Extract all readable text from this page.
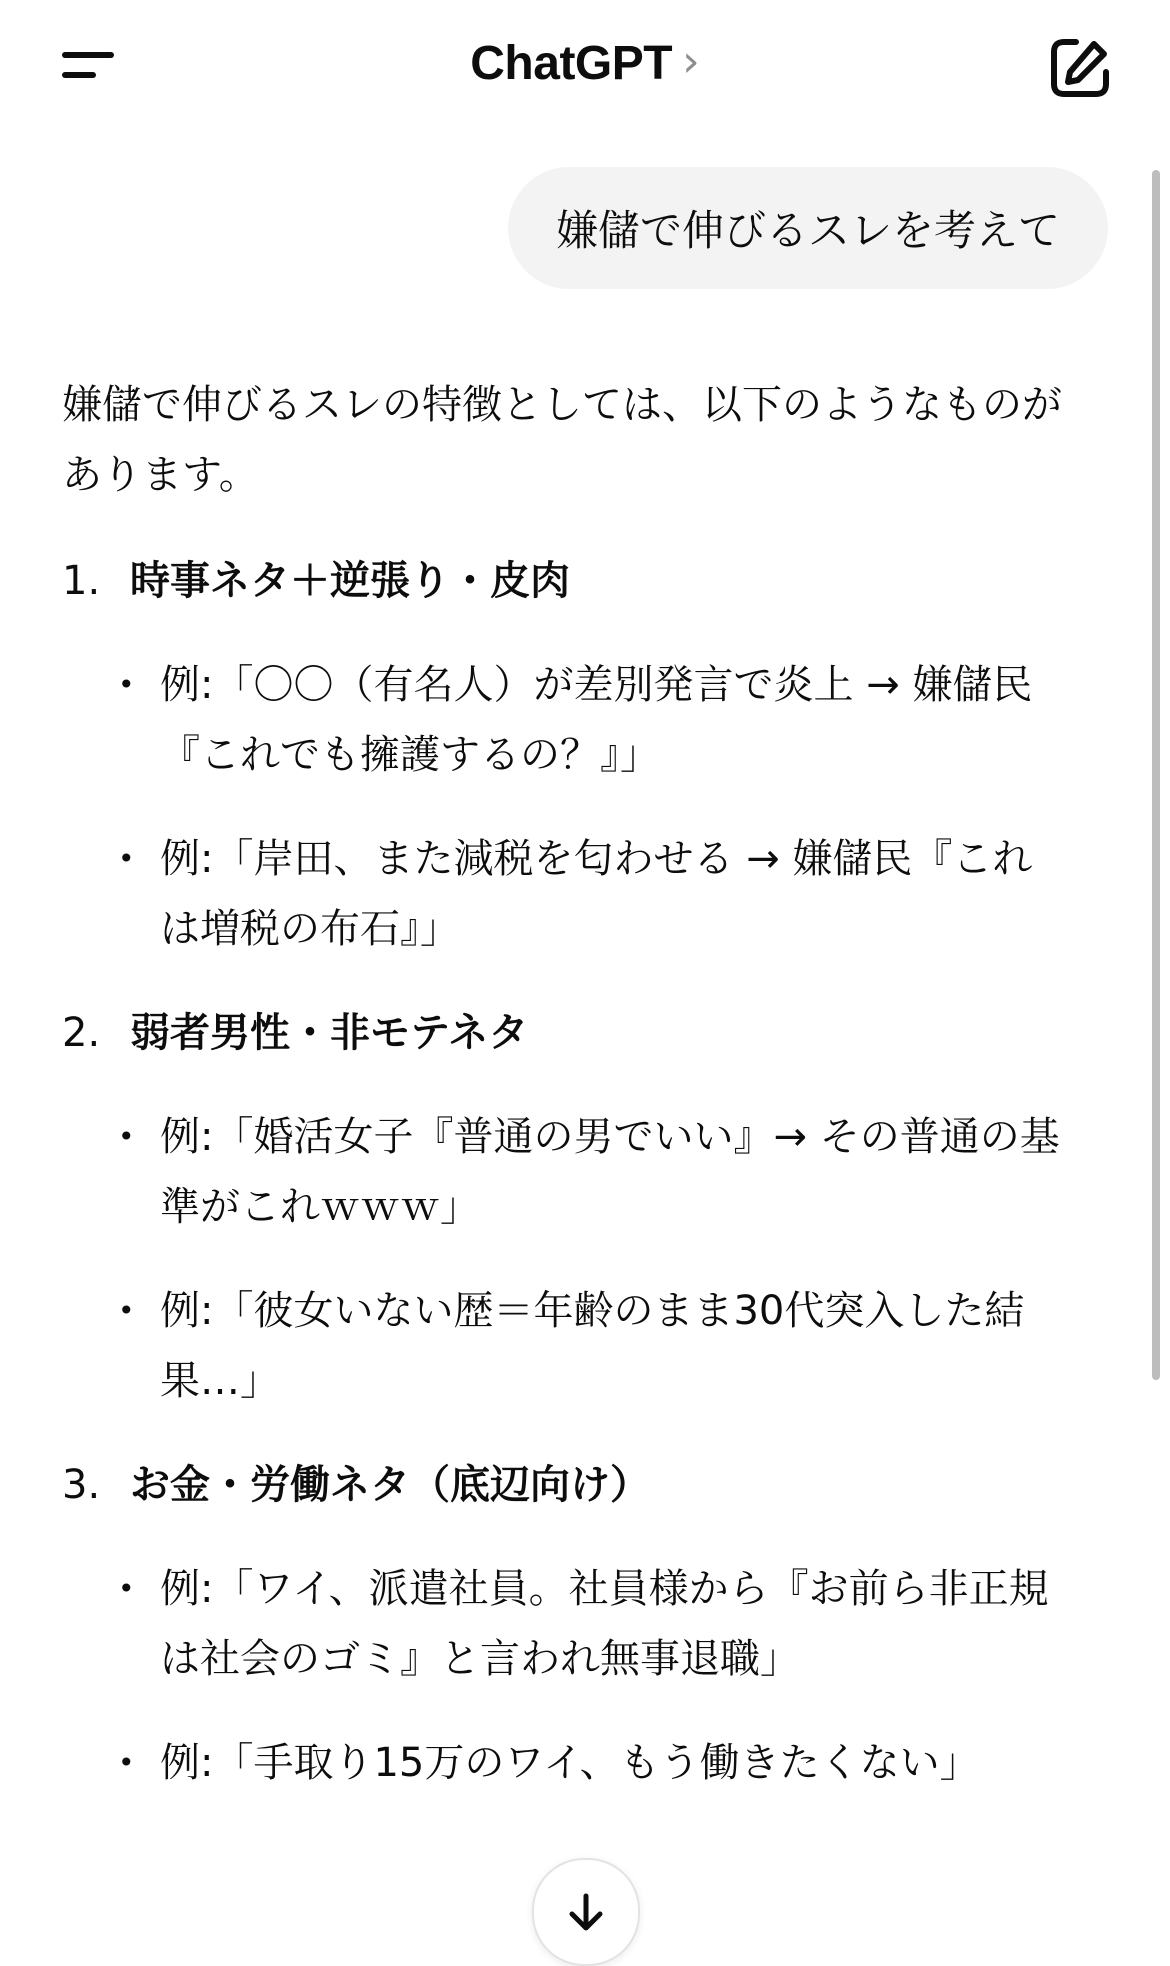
ChatGPT ›
嫌儲で伸びるスレを考えて

嫌儲で伸びるスレの特徴としては、以下のようなものがあります。

1. 時事ネタ＋逆張り・皮肉
• 例:「〇〇（有名人）が差別発言で炎上 → 嫌儲民『これでも擁護するの？』」
• 例:「岸田、また減税を匂わせる → 嫌儲民『これは増税の布石』」
2. 弱者男性・非モテネタ
• 例:「婚活女子『普通の男でいい』→ その普通の基準がこれｗｗｗ」
• 例:「彼女いない歴＝年齢のまま30代突入した結果…」
3. お金・労働ネタ（底辺向け）
• 例:「ワイ、派遣社員。社員様から『お前ら非正規は社会のゴミ』と言われ無事退職」
• 例:「手取り15万のワイ、もう働きたくない」
